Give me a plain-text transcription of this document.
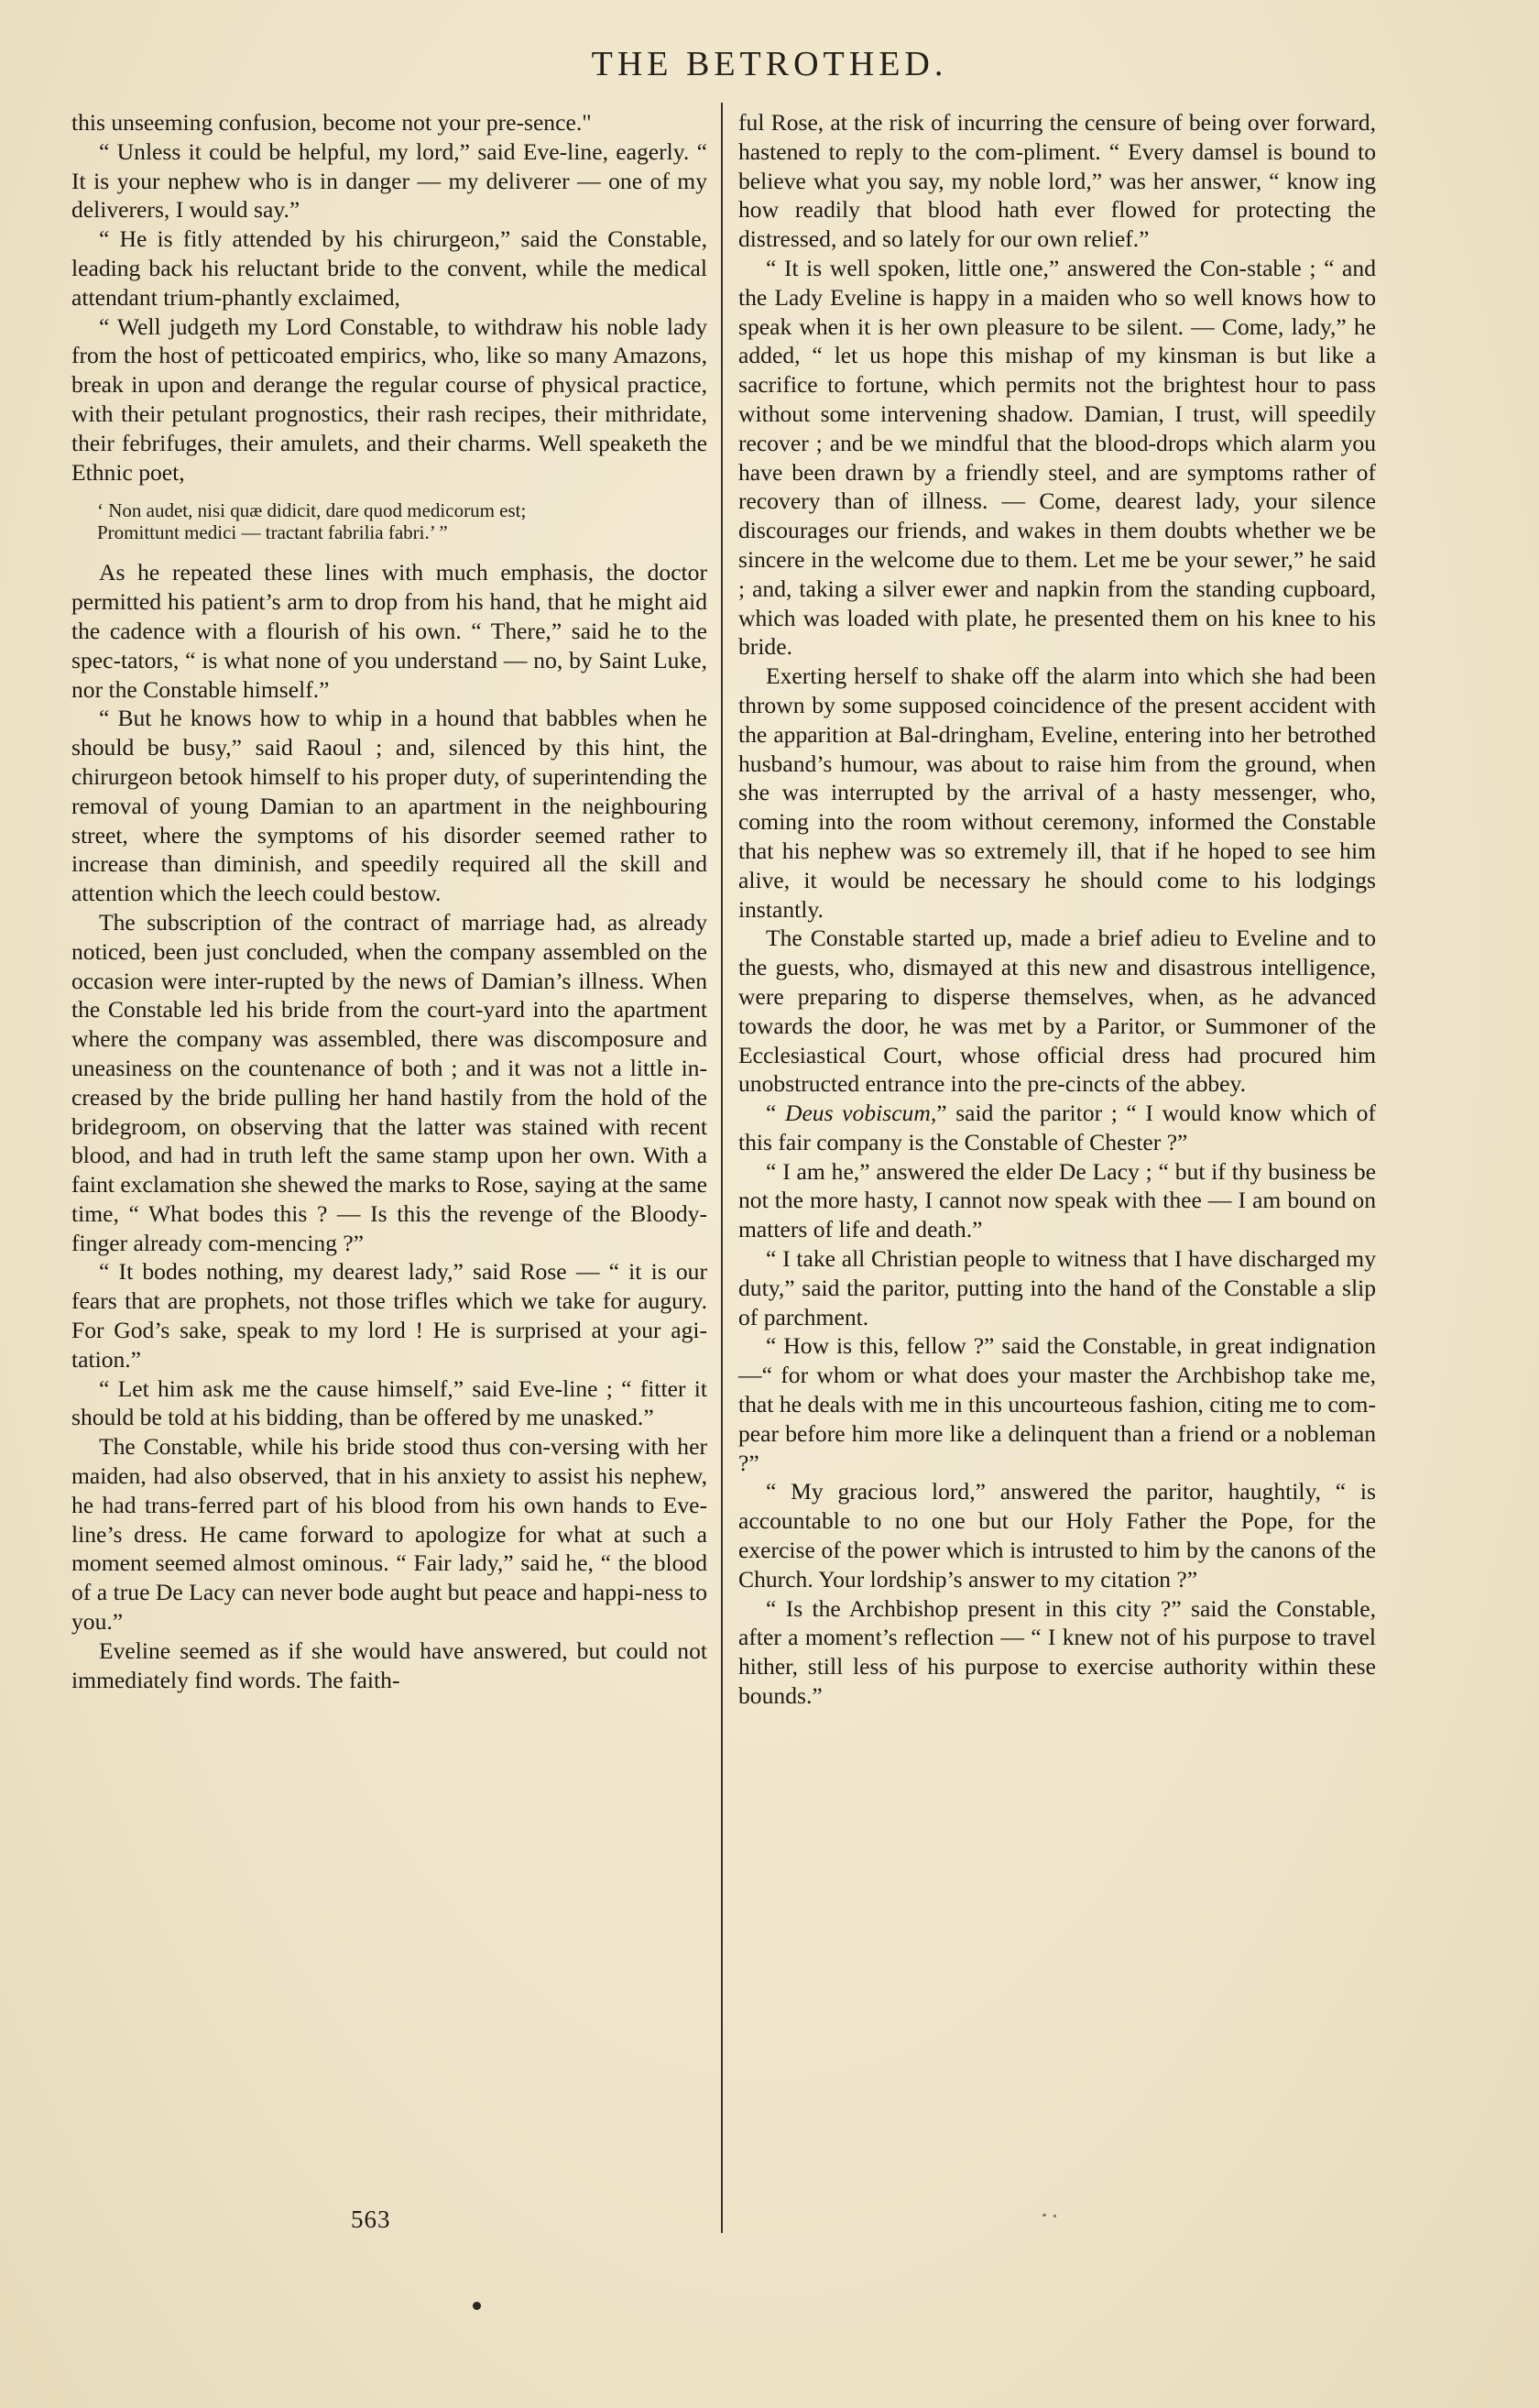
THE BETROTHED.

this unseeming confusion, become not your pre-sence."

“ Unless it could be helpful, my lord,” said Eve-line, eagerly. “ It is your nephew who is in danger — my deliverer — one of my deliverers, I would say.”

“ He is fitly attended by his chirurgeon,” said the Constable, leading back his reluctant bride to the convent, while the medical attendant trium-phantly exclaimed,

“ Well judgeth my Lord Constable, to withdraw his noble lady from the host of petticoated empirics, who, like so many Amazons, break in upon and derange the regular course of physical practice, with their petulant prognostics, their rash recipes, their mithridate, their febrifuges, their amulets, and their charms. Well speaketh the Ethnic poet,

‘ Non audet, nisi quæ didicit, dare quod medicorum est;
Promittunt medici — tractant fabrilia fabri.’ ”

As he repeated these lines with much emphasis, the doctor permitted his patient’s arm to drop from his hand, that he might aid the cadence with a flourish of his own. “ There,” said he to the spec-tators, “ is what none of you understand — no, by Saint Luke, nor the Constable himself.”

“ But he knows how to whip in a hound that babbles when he should be busy,” said Raoul ; and, silenced by this hint, the chirurgeon betook himself to his proper duty, of superintending the removal of young Damian to an apartment in the neighbouring street, where the symptoms of his disorder seemed rather to increase than diminish, and speedily required all the skill and attention which the leech could bestow.

The subscription of the contract of marriage had, as already noticed, been just concluded, when the company assembled on the occasion were inter-rupted by the news of Damian’s illness. When the Constable led his bride from the court-yard into the apartment where the company was assembled, there was discomposure and uneasiness on the countenance of both ; and it was not a little in-creased by the bride pulling her hand hastily from the hold of the bridegroom, on observing that the latter was stained with recent blood, and had in truth left the same stamp upon her own. With a faint exclamation she shewed the marks to Rose, saying at the same time, “ What bodes this ? — Is this the revenge of the Bloody-finger already com-mencing ?”

“ It bodes nothing, my dearest lady,” said Rose — “ it is our fears that are prophets, not those trifles which we take for augury. For God’s sake, speak to my lord ! He is surprised at your agi-tation.”

“ Let him ask me the cause himself,” said Eve-line ; “ fitter it should be told at his bidding, than be offered by me unasked.”

The Constable, while his bride stood thus con-versing with her maiden, had also observed, that in his anxiety to assist his nephew, he had trans-ferred part of his blood from his own hands to Eve-line’s dress. He came forward to apologize for what at such a moment seemed almost ominous. “ Fair lady,” said he, “ the blood of a true De Lacy can never bode aught but peace and happi-ness to you.”

Eveline seemed as if she would have answered, but could not immediately find words. The faith-

ful Rose, at the risk of incurring the censure of being over forward, hastened to reply to the com-pliment. “ Every damsel is bound to believe what you say, my noble lord,” was her answer, “ know ing how readily that blood hath ever flowed for protecting the distressed, and so lately for our own relief.”

“ It is well spoken, little one,” answered the Con-stable ; “ and the Lady Eveline is happy in a maiden who so well knows how to speak when it is her own pleasure to be silent. — Come, lady,” he added, “ let us hope this mishap of my kinsman is but like a sacrifice to fortune, which permits not the brightest hour to pass without some intervening shadow. Damian, I trust, will speedily recover ; and be we mindful that the blood-drops which alarm you have been drawn by a friendly steel, and are symptoms rather of recovery than of illness. — Come, dearest lady, your silence discourages our friends, and wakes in them doubts whether we be sincere in the welcome due to them. Let me be your sewer,” he said ; and, taking a silver ewer and napkin from the standing cupboard, which was loaded with plate, he presented them on his knee to his bride.

Exerting herself to shake off the alarm into which she had been thrown by some supposed coincidence of the present accident with the apparition at Bal-dringham, Eveline, entering into her betrothed husband’s humour, was about to raise him from the ground, when she was interrupted by the arrival of a hasty messenger, who, coming into the room without ceremony, informed the Constable that his nephew was so extremely ill, that if he hoped to see him alive, it would be necessary he should come to his lodgings instantly.

The Constable started up, made a brief adieu to Eveline and to the guests, who, dismayed at this new and disastrous intelligence, were preparing to disperse themselves, when, as he advanced towards the door, he was met by a Paritor, or Summoner of the Ecclesiastical Court, whose official dress had procured him unobstructed entrance into the pre-cincts of the abbey.

“ Deus vobiscum,” said the paritor ; “ I would know which of this fair company is the Constable of Chester ?”

“ I am he,” answered the elder De Lacy ; “ but if thy business be not the more hasty, I cannot now speak with thee — I am bound on matters of life and death.”

“ I take all Christian people to witness that I have discharged my duty,” said the paritor, putting into the hand of the Constable a slip of parchment.

“ How is this, fellow ?” said the Constable, in great indignation—“ for whom or what does your master the Archbishop take me, that he deals with me in this uncourteous fashion, citing me to com-pear before him more like a delinquent than a friend or a nobleman ?”

“ My gracious lord,” answered the paritor, haughtily, “ is accountable to no one but our Holy Father the Pope, for the exercise of the power which is intrusted to him by the canons of the Church. Your lordship’s answer to my citation ?”

“ Is the Archbishop present in this city ?” said the Constable, after a moment’s reflection — “ I knew not of his purpose to travel hither, still less of his purpose to exercise authority within these bounds.”

563
